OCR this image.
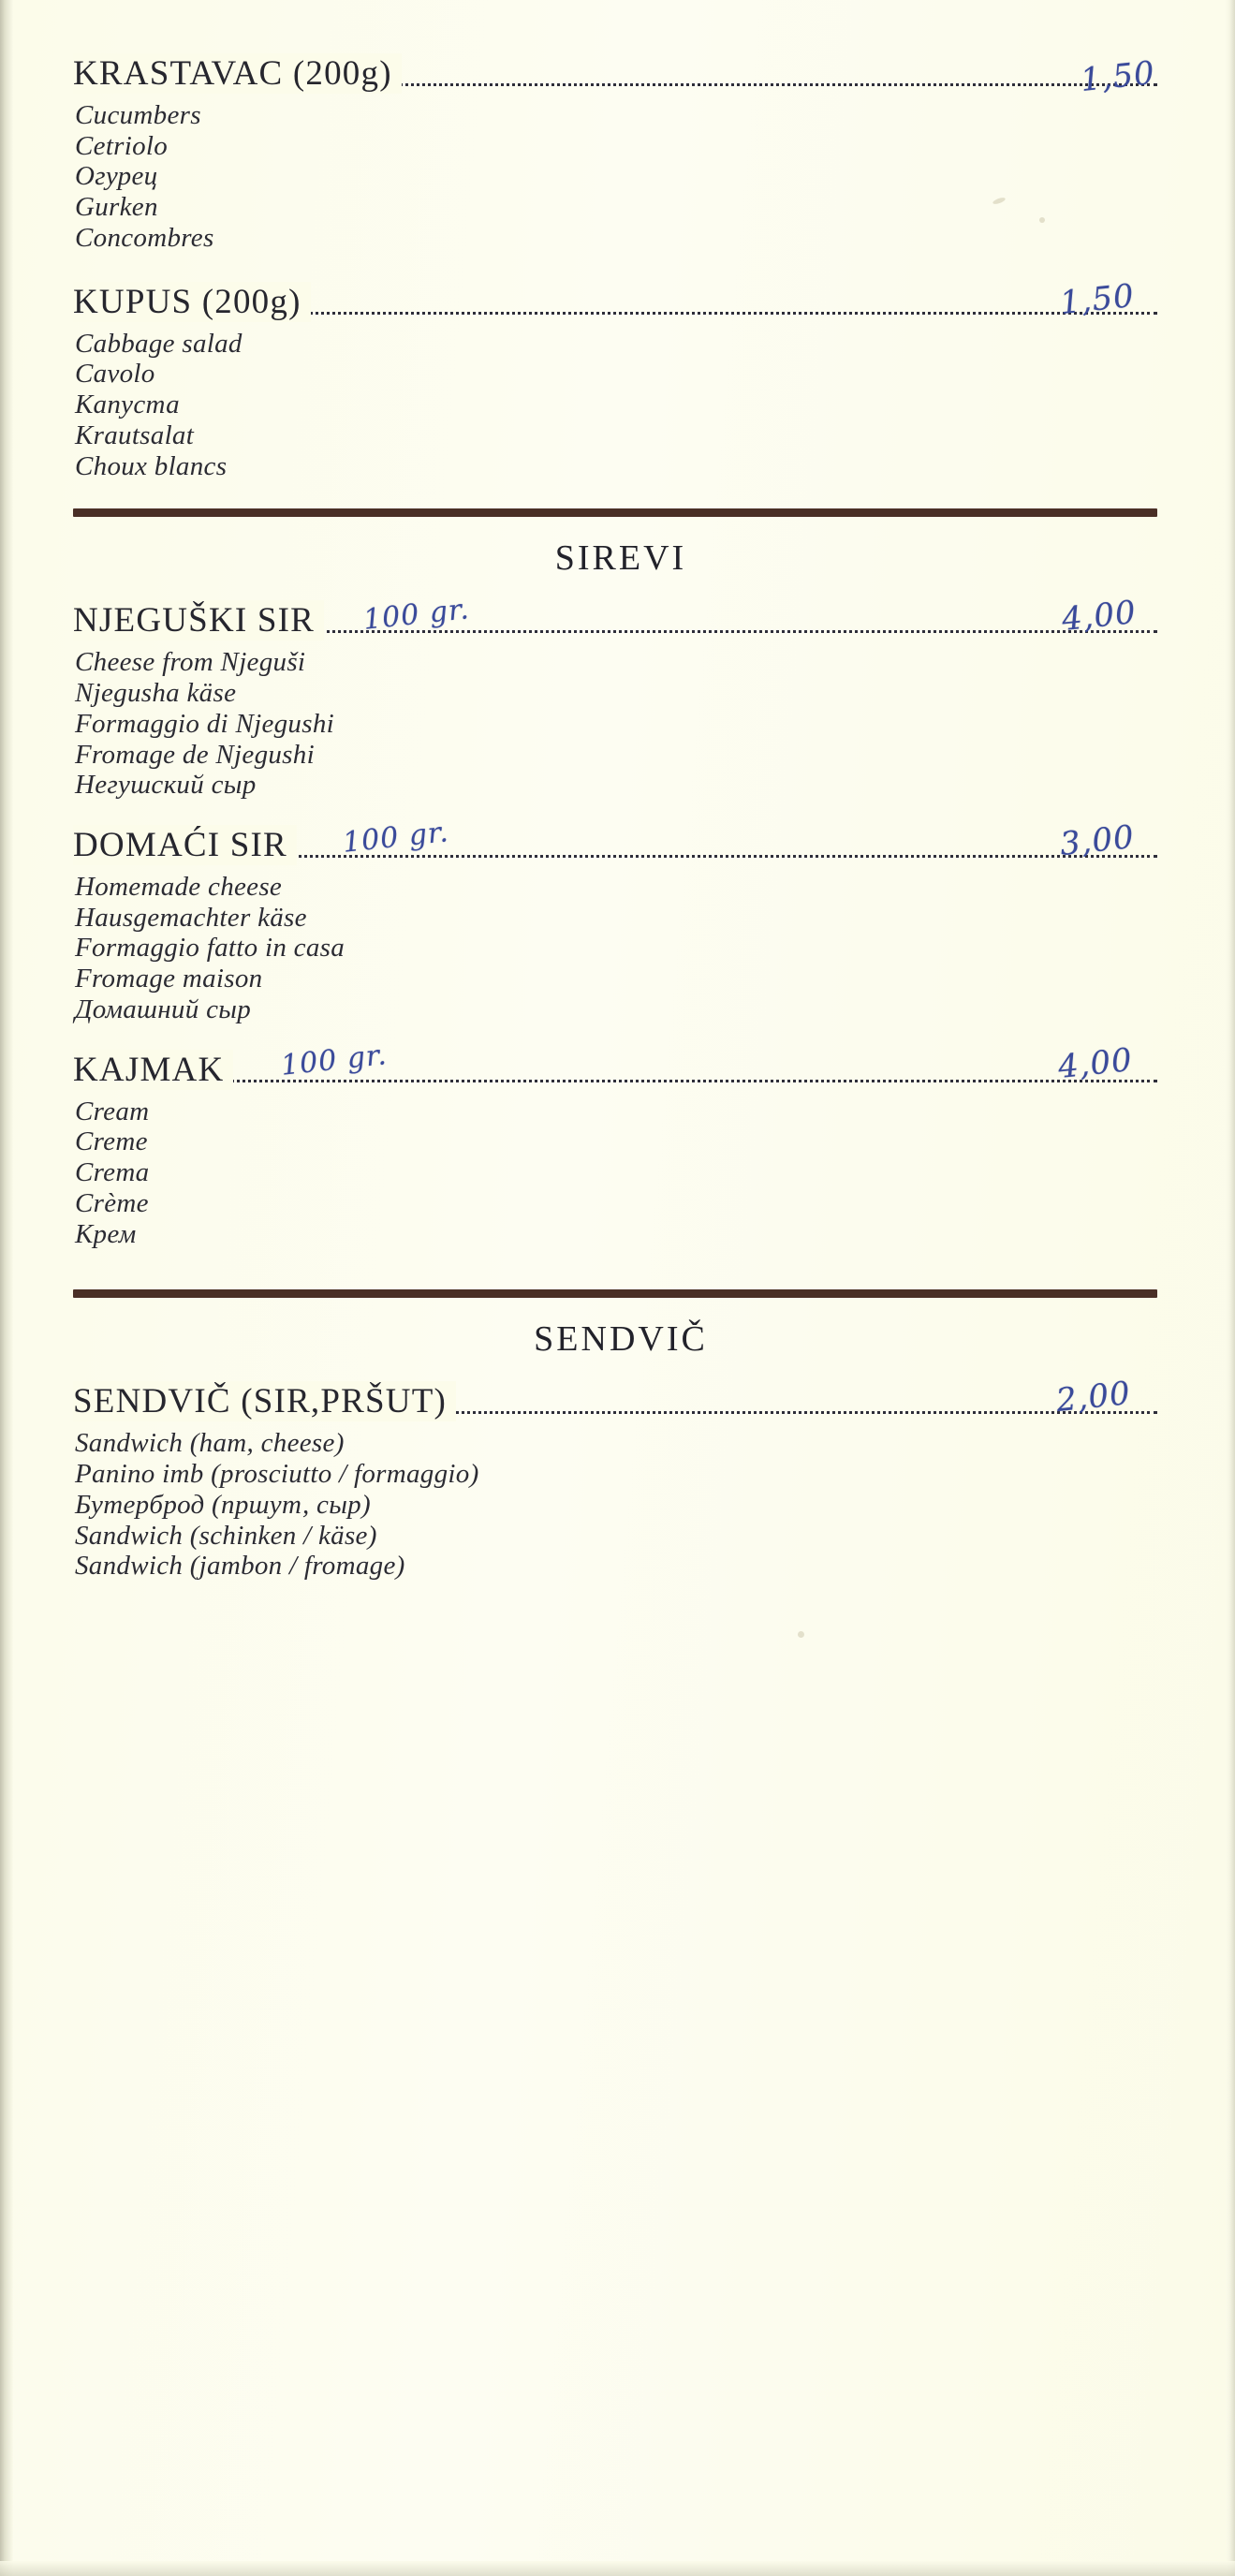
KRASTAVAC (200g)	1,50
Cucumbers
Cetriolo
Огурец
Gurken
Concombres
KUPUS (200g)	1,50
Cabbage salad
Cavolo
Капуста
Krautsalat
Choux blancs
SIREVI
NJEGUŠKI SIR	100 gr.	4,00
Cheese from Njeguši
Njegusha käse
Formaggio di Njegushi
Fromage de Njegushi
Негушский сыр
DOMAĆI SIR	100 gr.	3,00
Homemade cheese
Hausgemachter käse
Formaggio fatto in casa
Fromage maison
Домашний сыр
KAJMAK	100 gr.	4,00
Cream
Creme
Crema
Crème
Крем
SENDVIČ
SENDVIČ (SIR,PRŠUT)	2,00
Sandwich (ham, cheese)
Panino imb (prosciutto / formaggio)
Бутерброд (пршут, сыр)
Sandwich (schinken / käse)
Sandwich (jambon / fromage)
